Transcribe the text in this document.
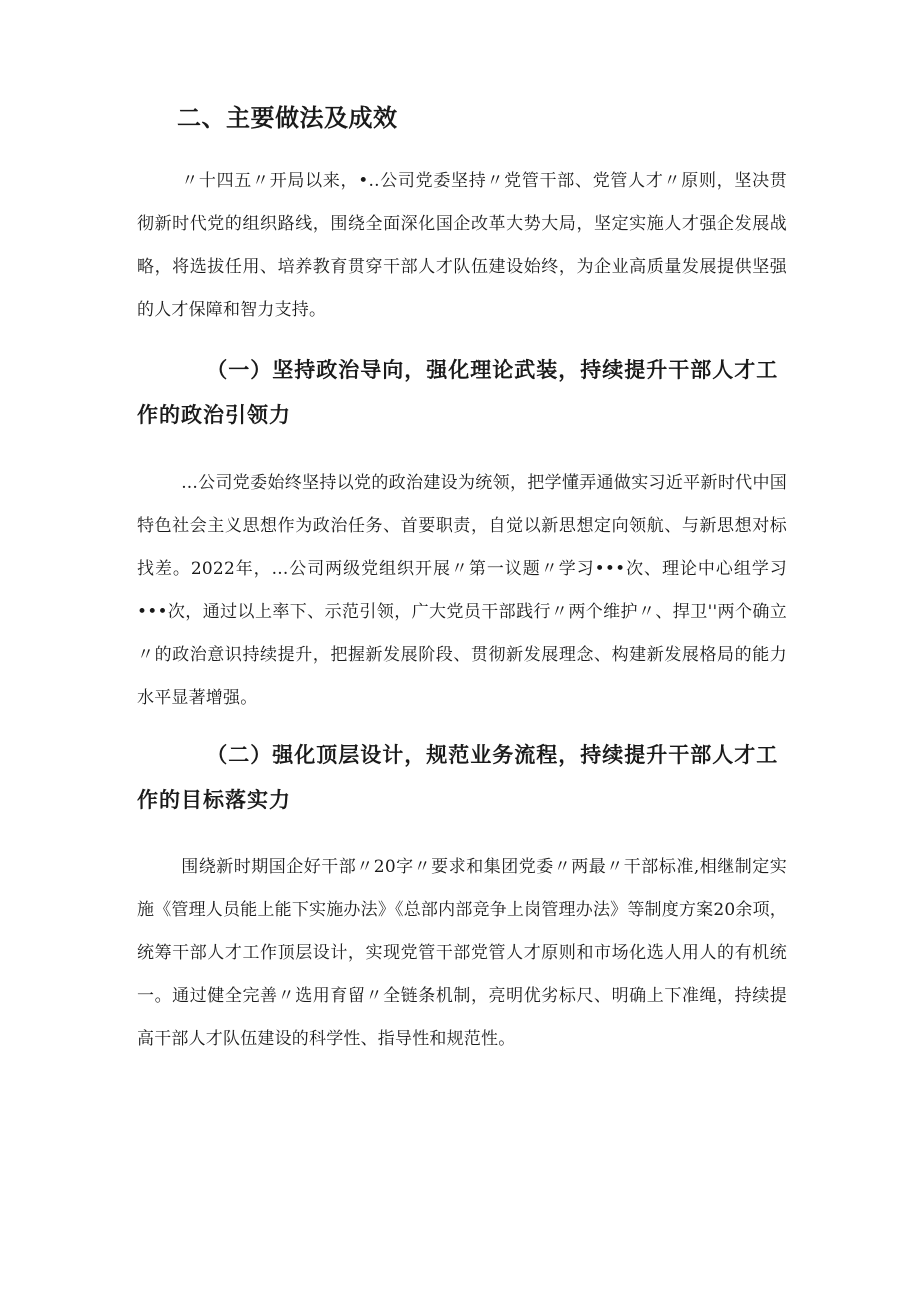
二、主要做法及成效

〃十四五〃开局以来，•..公司党委坚持〃党管干部、党管人才〃原则，坚决贯彻新时代党的组织路线，围绕全面深化国企改革大势大局，坚定实施人才强企发展战略，将选拔任用、培养教育贯穿干部人才队伍建设始终，为企业高质量发展提供坚强的人才保障和智力支持。

（一）坚持政治导向，强化理论武装，持续提升干部人才工作的政治引领力

...公司党委始终坚持以党的政治建设为统领，把学懂弄通做实习近平新时代中国特色社会主义思想作为政治任务、首要职责，自觉以新思想定向领航、与新思想对标找差。2022年，...公司两级党组织开展〃第一议题〃学习•••次、理论中心组学习•••次，通过以上率下、示范引领，广大党员干部践行〃两个维护〃、捍卫''两个确立〃的政治意识持续提升，把握新发展阶段、贯彻新发展理念、构建新发展格局的能力水平显著增强。

（二）强化顶层设计，规范业务流程，持续提升干部人才工作的目标落实力

围绕新时期国企好干部〃20字〃要求和集团党委〃两最〃干部标准,相继制定实施《管理人员能上能下实施办法》《总部内部竞争上岗管理办法》等制度方案20余项，统筹干部人才工作顶层设计，实现党管干部党管人才原则和市场化选人用人的有机统一。通过健全完善〃选用育留〃全链条机制，亮明优劣标尺、明确上下准绳，持续提高干部人才队伍建设的科学性、指导性和规范性。
